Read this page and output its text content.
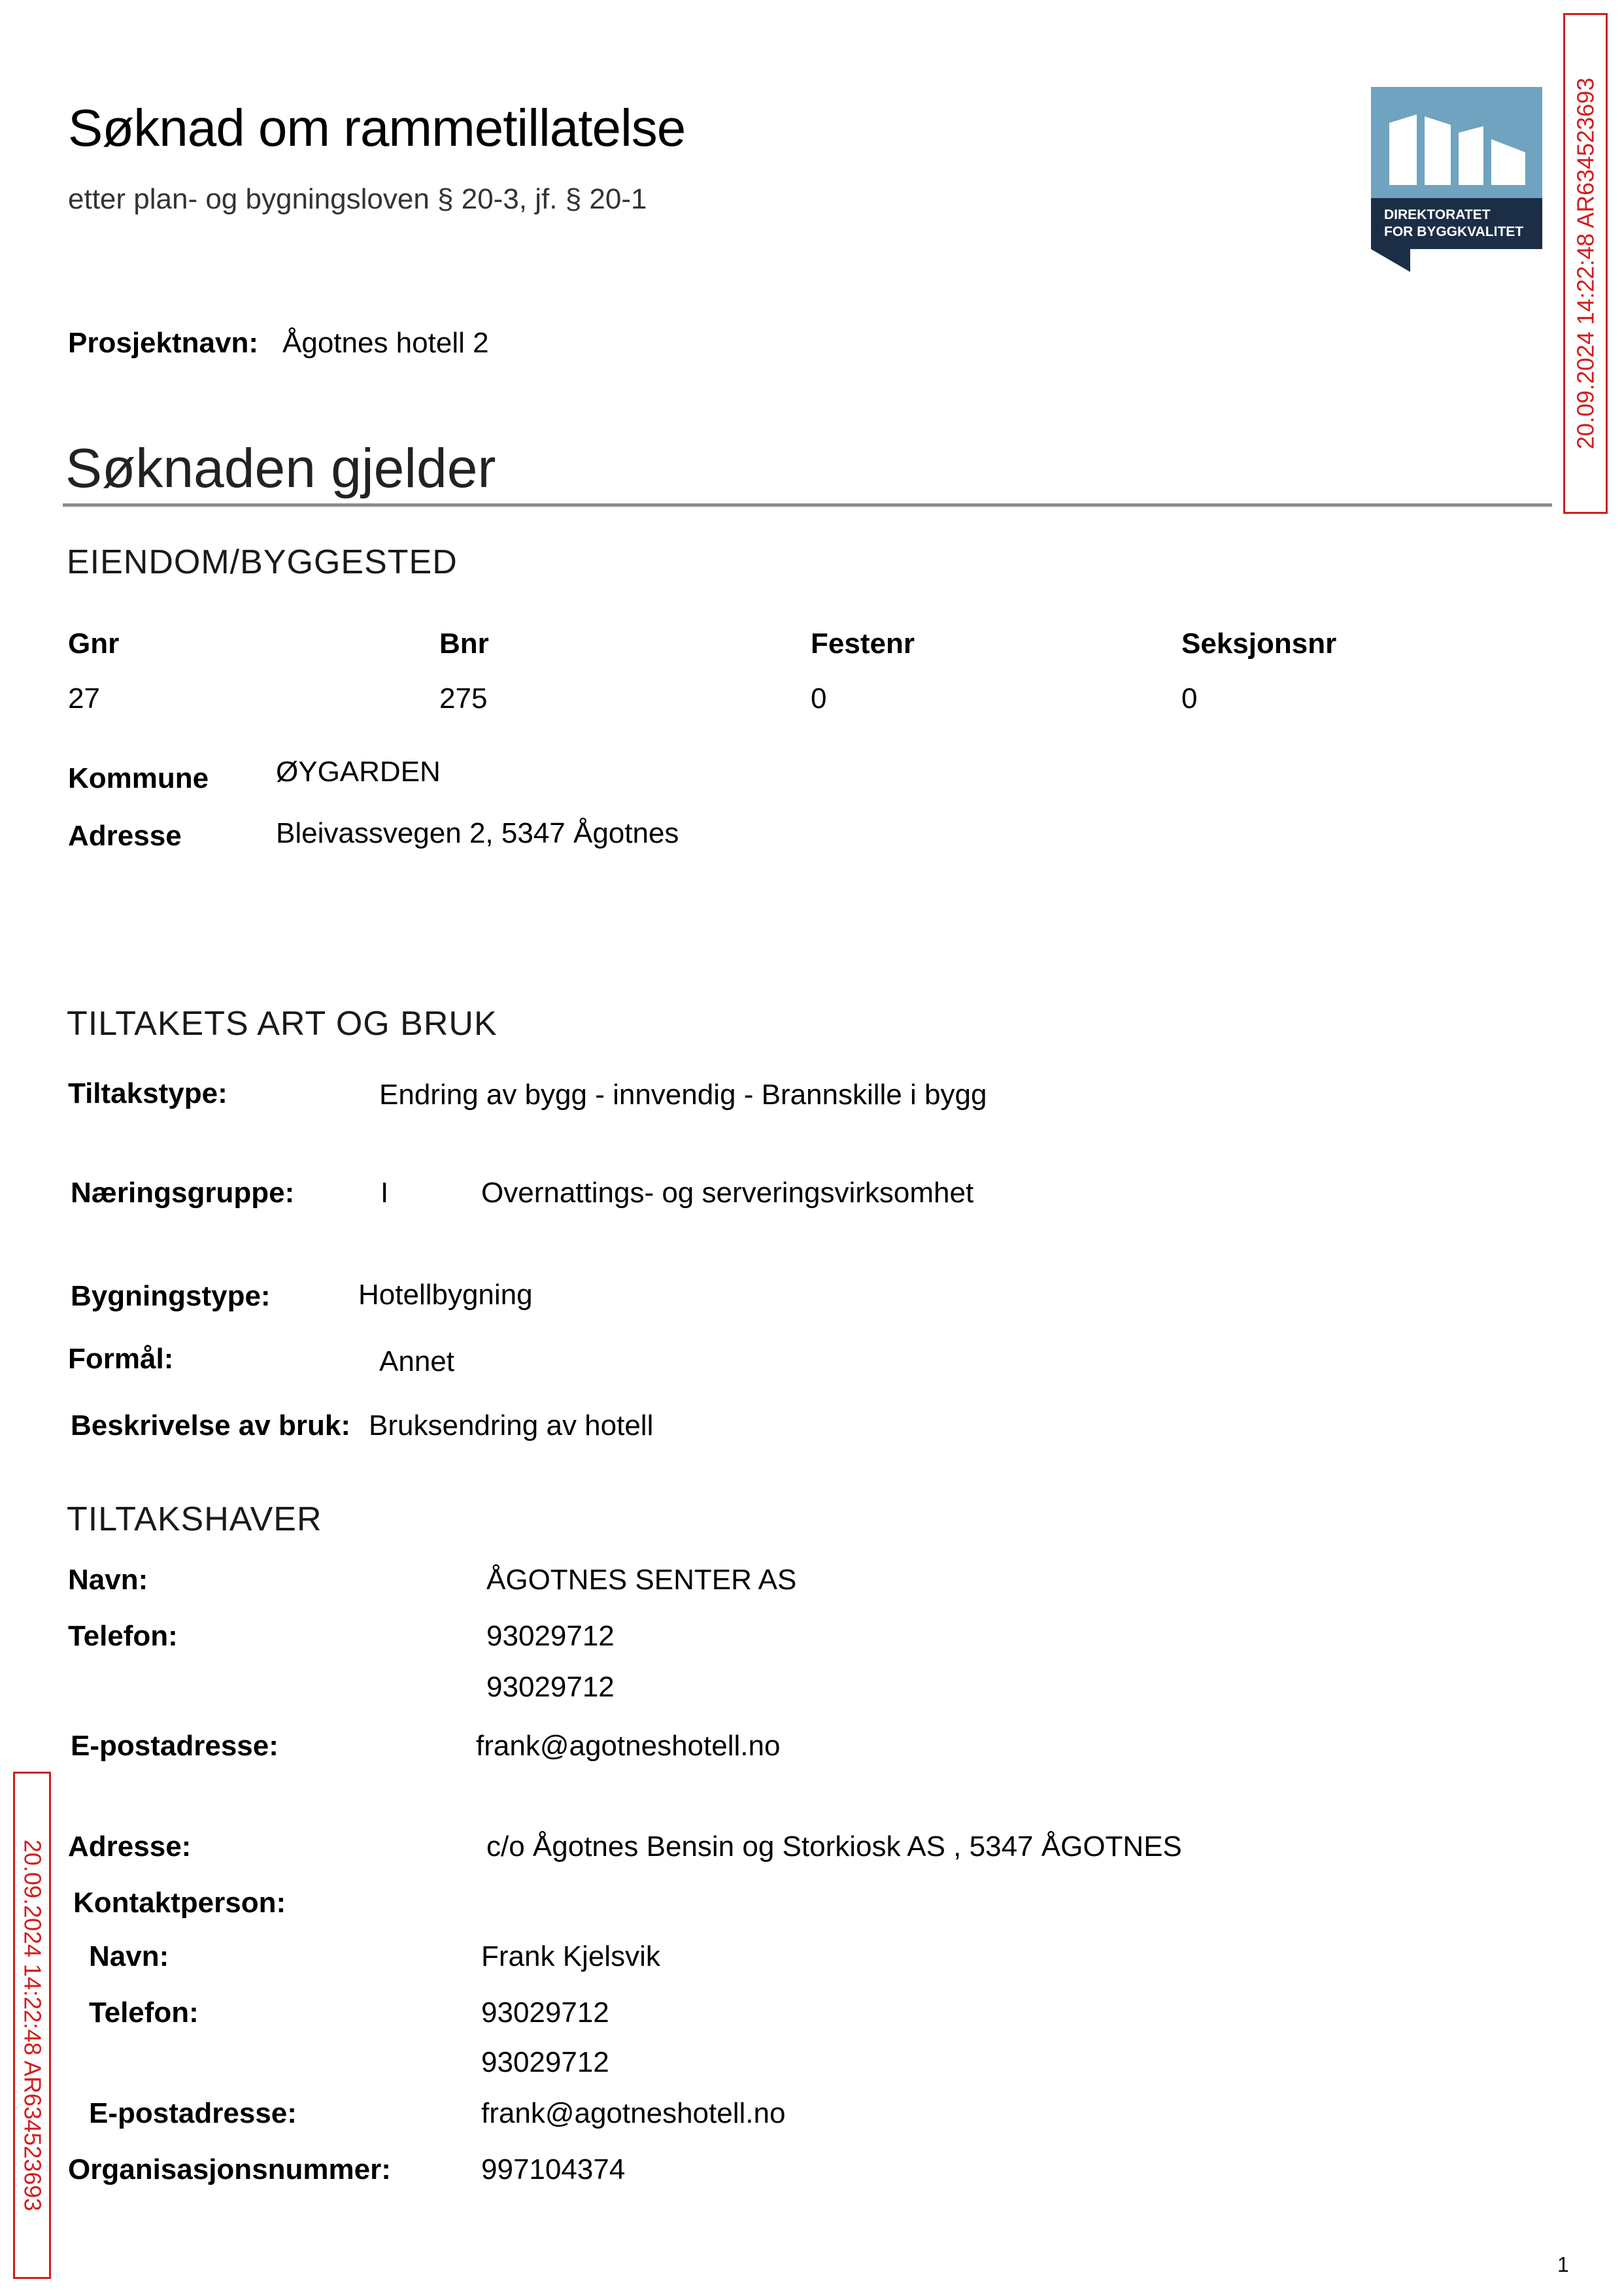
Søknad om rammetillatelse
etter plan- og bygningsloven § 20-3, jf. § 20-1	DIREKTORATET
FOR BYGGKVALITET 20.09.2024 14:22:48 AR634523693
Prosjektnavn: Ågotnes hotell 2
Søknaden gjelder
EIENDOM/BYGGESTED
Gnr	Bnr	Festenr	Seksjonsnr
27	275	0	0
Kommune ØYGARDEN
Adresse	Bleivassvegen 2, 5347 Ågotnes
TILTAKETS ART OG BRUK
Tiltakstype:	Endring av bygg - innvendig - Brannskille i bygg
Næringsgruppe:	I	Overnattings- og serveringsvirksomhet
Bygningstype:	Hotellbygning
Formål:	Annet
Beskrivelse av bruk: Bruksendring av hotell
TILTAKSHAVER
Navn:	ÅGOTNES SENTER AS
Telefon:	93029712
93029712
E-postadresse:	frank@agotneshotell.no
20.09.2024 14:22:48 AR634523693 Adresse:	c/o Ågotnes Bensin og Storkiosk AS , 5347 ÅGOTNES
Kontaktperson:
Navn:	Frank Kjelsvik
Telefon:	93029712
93029712
E-postadresse:	frank@agotneshotell.no
Organisasjonsnummer:	997104374
1
